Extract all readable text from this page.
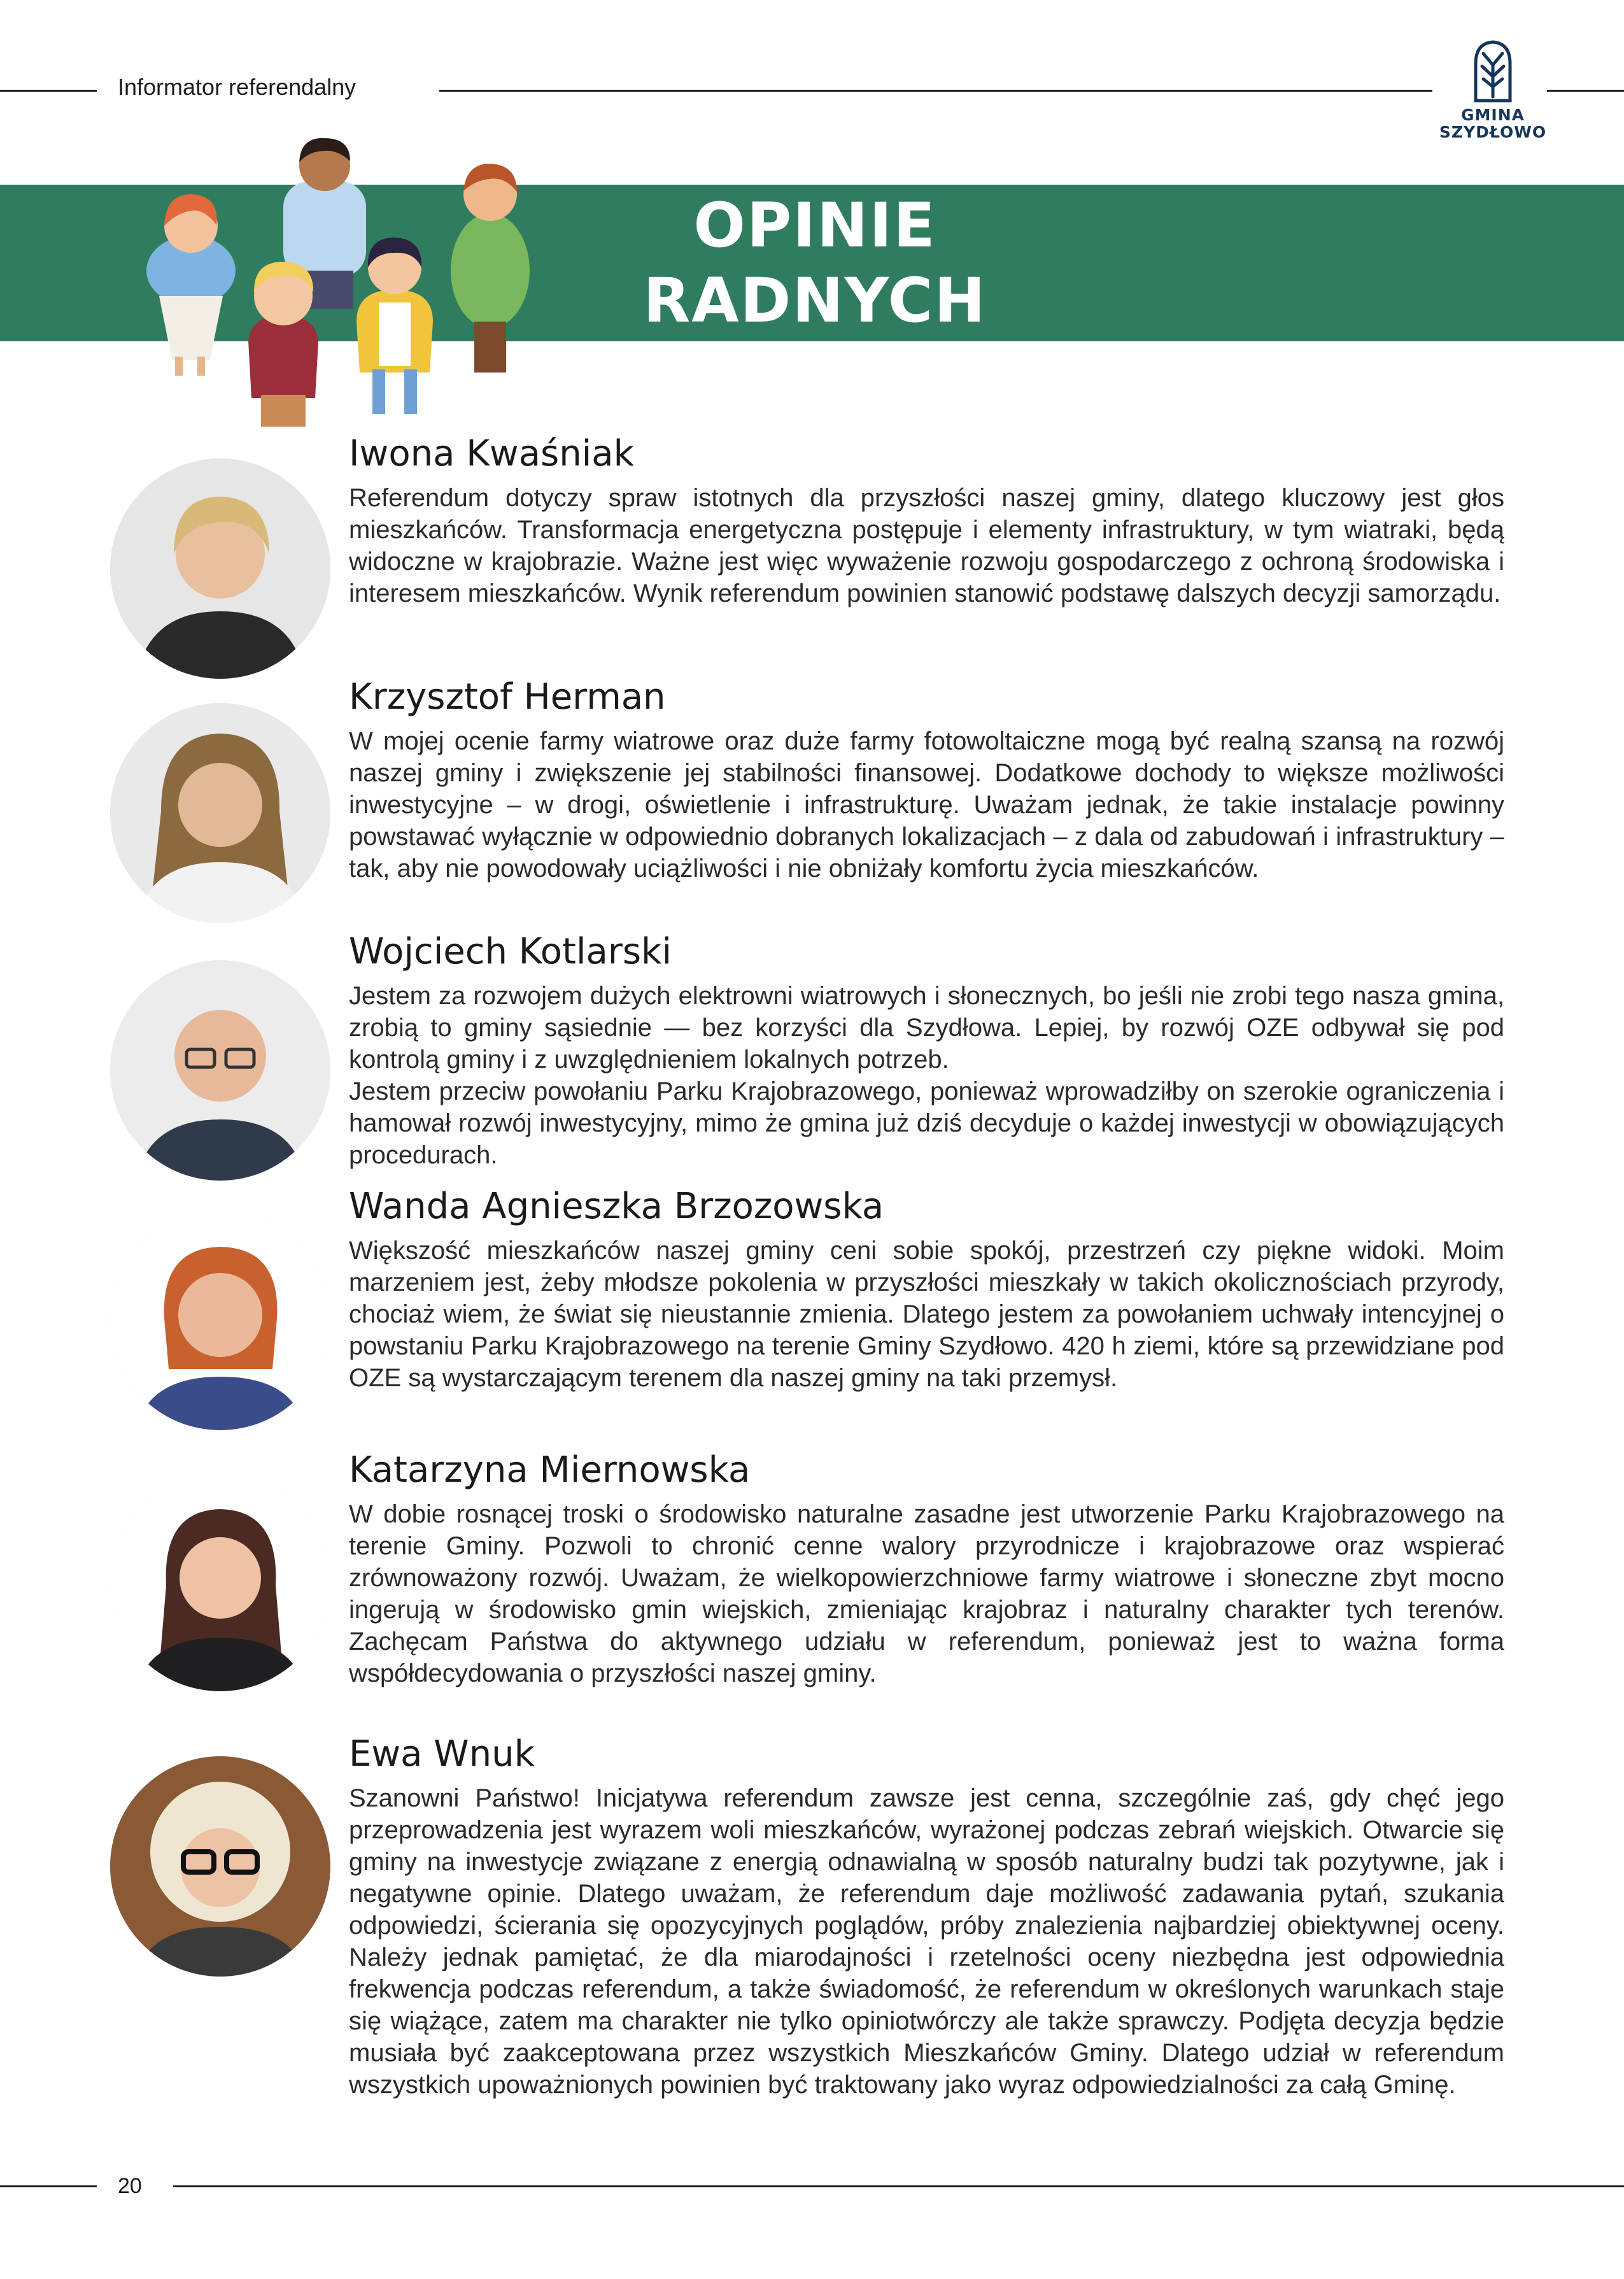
Informator referendalny
GMINA
SZYDŁOWO
OPINIE
RADNYCH
Iwona Kwaśniak

Referendum dotyczy spraw istotnych dla przyszłości naszej gminy, dlatego kluczowy jest głos mieszkańców. Transformacja energetyczna postępuje i elementy infrastruktury, w tym wiatraki, będą widoczne w krajobrazie. Ważne jest więc wyważenie rozwoju gospodarczego z ochroną środowiska i interesem mieszkańców. Wynik referendum powinien stanowić podstawę dalszych decyzji samorządu.

Krzysztof Herman

W mojej ocenie farmy wiatrowe oraz duże farmy fotowoltaiczne mogą być realną szansą na rozwój naszej gminy i zwiększenie jej stabilności finansowej. Dodatkowe dochody to większe możliwości inwestycyjne – w drogi, oświetlenie i infrastrukturę. Uważam jednak, że takie instalacje powinny powstawać wyłącznie w odpowiednio dobranych lokalizacjach – z dala od zabudowań i infrastruktury – tak, aby nie powodowały uciążliwości i nie obniżały komfortu życia mieszkańców.

Wojciech Kotlarski

Jestem za rozwojem dużych elektrowni wiatrowych i słonecznych, bo jeśli nie zrobi tego nasza gmina, zrobią to gminy sąsiednie — bez korzyści dla Szydłowa. Lepiej, by rozwój OZE odbywał się pod kontrolą gminy i z uwzględnieniem lokalnych potrzeb.

Jestem przeciw powołaniu Parku Krajobrazowego, ponieważ wprowadziłby on szerokie ograniczenia i hamował rozwój inwestycyjny, mimo że gmina już dziś decyduje o każdej inwestycji w obowiązujących procedurach.

Wanda Agnieszka Brzozowska

Większość mieszkańców naszej gminy ceni sobie spokój, przestrzeń czy piękne widoki. Moim marzeniem jest, żeby młodsze pokolenia w przyszłości mieszkały w takich okolicznościach przyrody, chociaż wiem, że świat się nieustannie zmienia. Dlatego jestem za powołaniem uchwały intencyjnej o powstaniu Parku Krajobrazowego na terenie Gminy Szydłowo. 420 h ziemi, które są przewidziane pod OZE są wystarczającym terenem dla naszej gminy na taki przemysł.

Katarzyna Miernowska

W dobie rosnącej troski o środowisko naturalne zasadne jest utworzenie Parku Krajobrazowego na terenie Gminy. Pozwoli to chronić cenne walory przyrodnicze i krajobrazowe oraz wspierać zrównoważony rozwój. Uważam, że wielkopowierzchniowe farmy wiatrowe i słoneczne zbyt mocno ingerują w środowisko gmin wiejskich, zmieniając krajobraz i naturalny charakter tych terenów. Zachęcam Państwa do aktywnego udziału w referendum, ponieważ jest to ważna forma współdecydowania o przyszłości naszej gminy.

Ewa Wnuk

Szanowni Państwo! Inicjatywa referendum zawsze jest cenna, szczególnie zaś, gdy chęć jego przeprowadzenia jest wyrazem woli mieszkańców, wyrażonej podczas zebrań wiejskich. Otwarcie się gminy na inwestycje związane z energią odnawialną w sposób naturalny budzi tak pozytywne, jak i negatywne opinie. Dlatego uważam, że referendum daje możliwość zadawania pytań, szukania odpowiedzi, ścierania się opozycyjnych poglądów, próby znalezienia najbardziej obiektywnej oceny. Należy jednak pamiętać, że dla miarodajności i rzetelności oceny niezbędna jest odpowiednia frekwencja podczas referendum, a także świadomość, że referendum w określonych warunkach staje się wiążące, zatem ma charakter nie tylko opiniotwórczy ale także sprawczy. Podjęta decyzja będzie musiała być zaakceptowana przez wszystkich Mieszkańców Gminy. Dlatego udział w referendum wszystkich upoważnionych powinien być traktowany jako wyraz odpowiedzialności za całą Gminę.

20
